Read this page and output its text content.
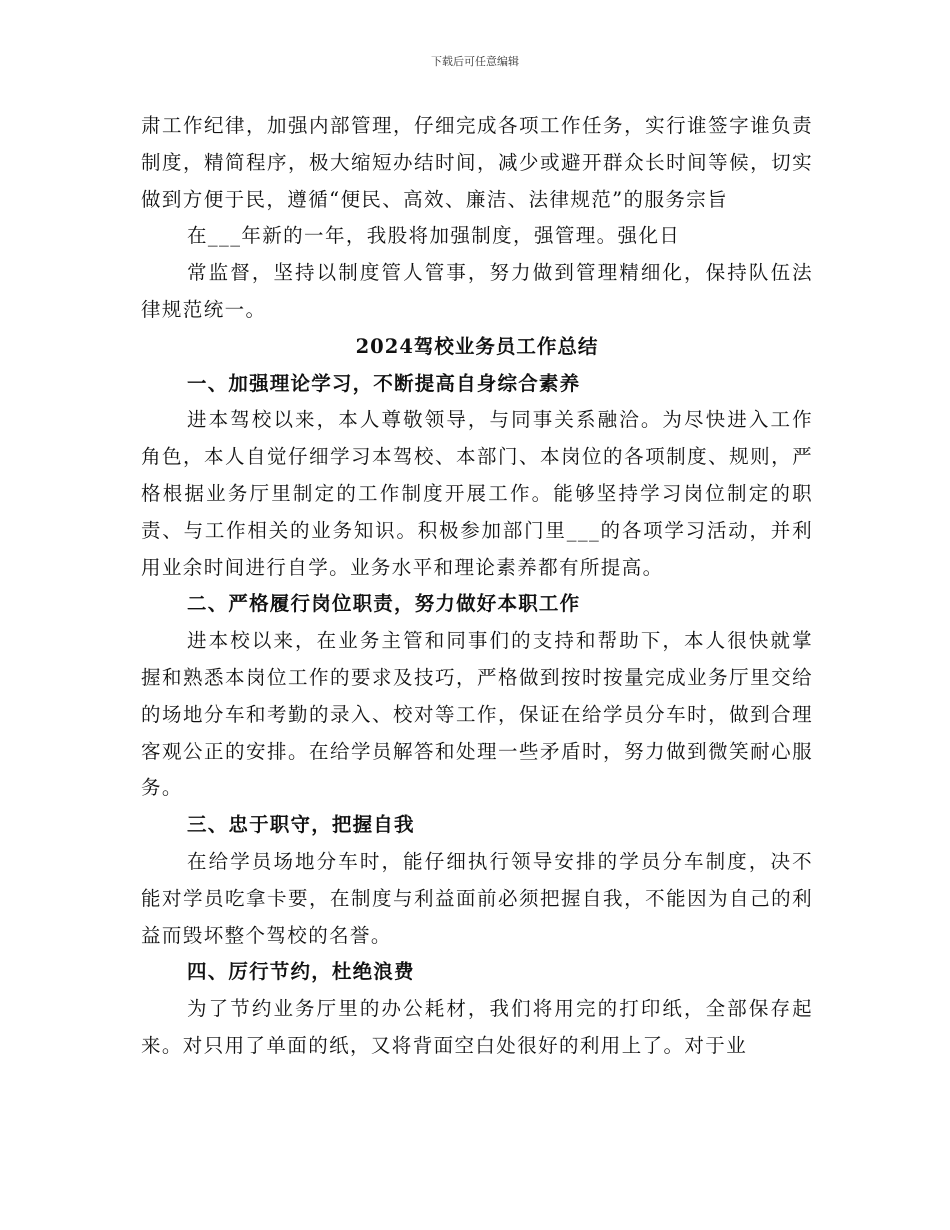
下载后可任意编辑

肃工作纪律，加强内部管理，仔细完成各项工作任务，实行谁签字谁负责制度，精简程序，极大缩短办结时间，减少或避开群众长时间等候，切实做到方便于民，遵循“便民、高效、廉洁、法律规范”的服务宗旨

在___年新的一年，我股将加强制度，强管理。强化日

常监督，坚持以制度管人管事，努力做到管理精细化，保持队伍法律规范统一。

2024驾校业务员工作总结

一、加强理论学习，不断提高自身综合素养

进本驾校以来，本人尊敬领导，与同事关系融洽。为尽快进入工作角色，本人自觉仔细学习本驾校、本部门、本岗位的各项制度、规则，严格根据业务厅里制定的工作制度开展工作。能够坚持学习岗位制定的职责、与工作相关的业务知识。积极参加部门里___的各项学习活动，并利用业余时间进行自学。业务水平和理论素养都有所提高。

二、严格履行岗位职责，努力做好本职工作

进本校以来，在业务主管和同事们的支持和帮助下，本人很快就掌握和熟悉本岗位工作的要求及技巧，严格做到按时按量完成业务厅里交给的场地分车和考勤的录入、校对等工作，保证在给学员分车时，做到合理客观公正的安排。在给学员解答和处理一些矛盾时，努力做到微笑耐心服务。

三、忠于职守，把握自我

在给学员场地分车时，能仔细执行领导安排的学员分车制度，决不能对学员吃拿卡要，在制度与利益面前必须把握自我，不能因为自己的利益而毁坏整个驾校的名誉。

四、厉行节约，杜绝浪费

为了节约业务厅里的办公耗材，我们将用完的打印纸，全部保存起来。对只用了单面的纸，又将背面空白处很好的利用上了。对于业
